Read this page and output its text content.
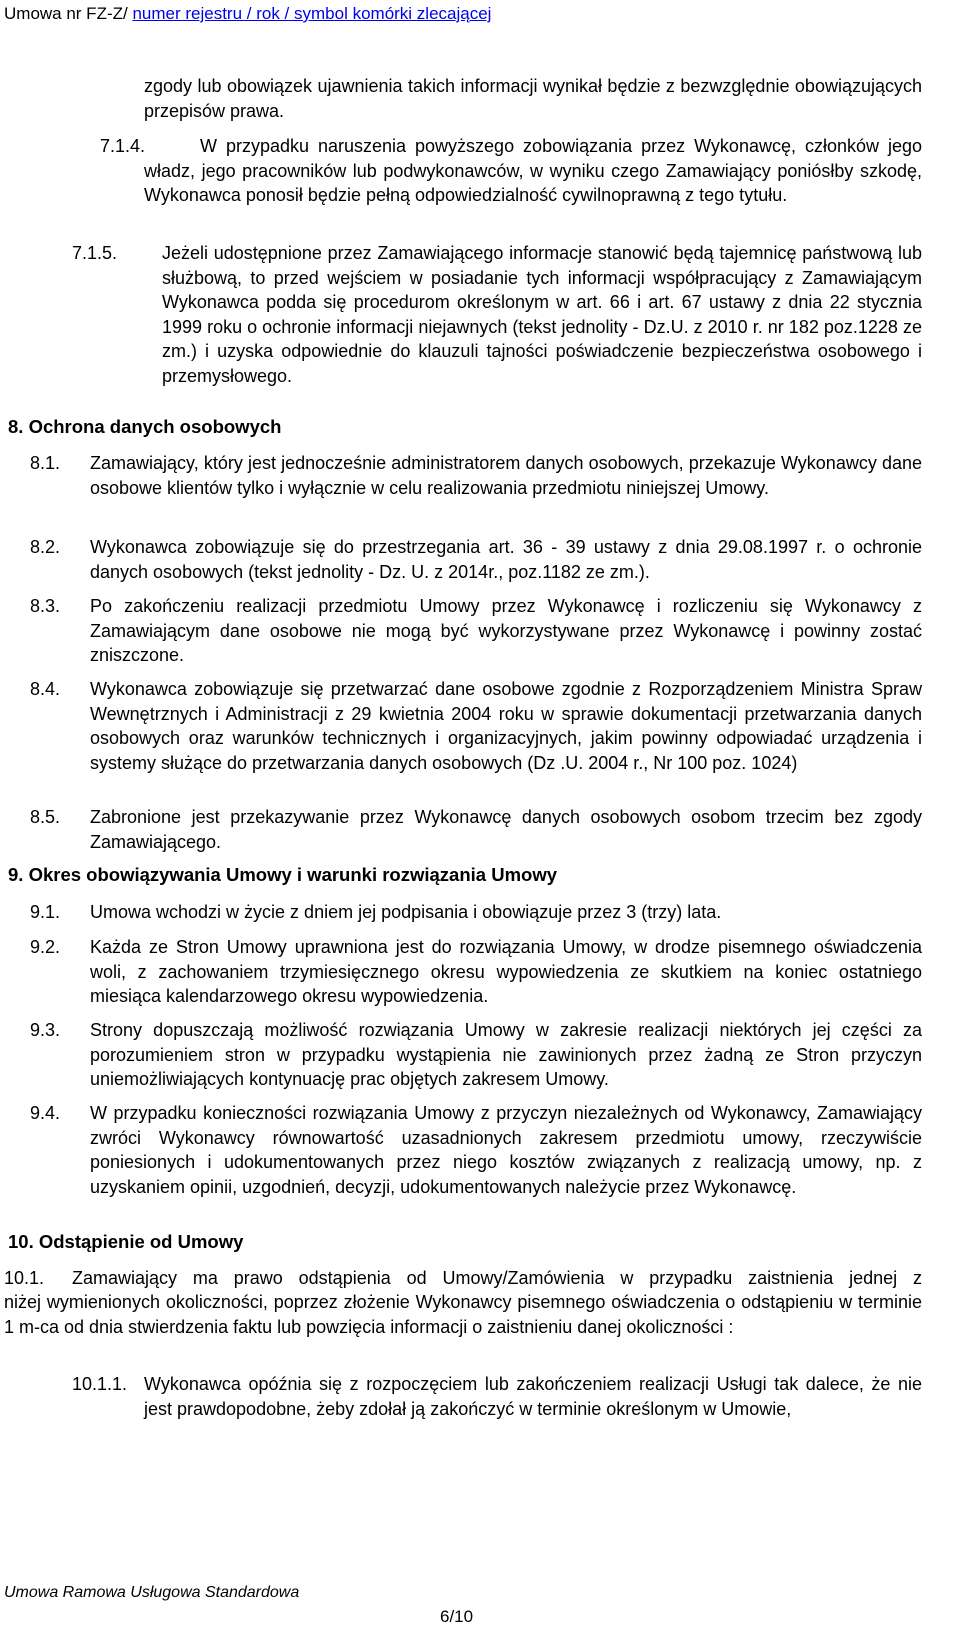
Umowa nr FZ-Z/ numer rejestru / rok / symbol komórki zlecającej
zgody lub obowiązek ujawnienia takich informacji wynikał będzie z bezwzględnie obowiązujących przepisów prawa.
7.1.4.	W przypadku naruszenia powyższego zobowiązania przez Wykonawcę, członków jego władz, jego pracowników lub podwykonawców, w wyniku czego Zamawiający poniósłby szkodę, Wykonawca ponosił będzie pełną odpowiedzialność cywilnoprawną z tego tytułu.
7.1.5. Jeżeli udostępnione przez Zamawiającego informacje stanowić będą tajemnicę państwową lub służbową, to przed wejściem w posiadanie tych informacji współpracujący z Zamawiającym Wykonawca podda się procedurom określonym w art. 66 i art. 67 ustawy z dnia 22 stycznia 1999 roku o ochronie informacji niejawnych (tekst jednolity - Dz.U. z 2010 r. nr 182 poz.1228 ze zm.) i uzyska odpowiednie do klauzuli tajności poświadczenie bezpieczeństwa osobowego i przemysłowego.
8. Ochrona danych osobowych
8.1. Zamawiający, który jest jednocześnie administratorem danych osobowych, przekazuje Wykonawcy dane osobowe klientów tylko i wyłącznie w celu realizowania przedmiotu niniejszej Umowy.
8.2. Wykonawca zobowiązuje się do przestrzegania art. 36 - 39 ustawy z dnia 29.08.1997 r. o ochronie danych osobowych (tekst jednolity - Dz. U. z 2014r., poz.1182 ze zm.).
8.3. Po zakończeniu realizacji przedmiotu Umowy przez Wykonawcę i rozliczeniu się Wykonawcy z Zamawiającym dane osobowe nie mogą być wykorzystywane przez Wykonawcę i powinny zostać zniszczone.
8.4. Wykonawca zobowiązuje się przetwarzać dane osobowe zgodnie z Rozporządzeniem Ministra Spraw Wewnętrznych i Administracji z 29 kwietnia 2004 roku w sprawie dokumentacji przetwarzania danych osobowych oraz warunków technicznych i organizacyjnych, jakim powinny odpowiadać urządzenia i systemy służące do przetwarzania danych osobowych (Dz .U. 2004 r., Nr 100 poz. 1024)
8.5. Zabronione jest przekazywanie przez Wykonawcę danych osobowych osobom trzecim bez zgody Zamawiającego.
9. Okres obowiązywania Umowy i warunki rozwiązania Umowy
9.1. Umowa wchodzi w życie z dniem jej podpisania i obowiązuje przez 3 (trzy) lata.
9.2. Każda ze Stron Umowy uprawniona jest do rozwiązania Umowy, w drodze pisemnego oświadczenia woli, z zachowaniem trzymiesięcznego okresu wypowiedzenia ze skutkiem na koniec ostatniego miesiąca kalendarzowego okresu wypowiedzenia.
9.3. Strony dopuszczają możliwość rozwiązania Umowy w zakresie realizacji niektórych jej części za porozumieniem stron w przypadku wystąpienia nie zawinionych przez żadną ze Stron przyczyn uniemożliwiających kontynuację prac objętych zakresem Umowy.
9.4. W przypadku konieczności rozwiązania Umowy z przyczyn niezależnych od Wykonawcy, Zamawiający zwróci Wykonawcy równowartość uzasadnionych zakresem przedmiotu umowy, rzeczywiście poniesionych i udokumentowanych przez niego kosztów związanych z realizacją umowy, np. z uzyskaniem opinii, uzgodnień, decyzji, udokumentowanych należycie przez Wykonawcę.
10. Odstąpienie od Umowy
10.1. Zamawiający ma prawo odstąpienia od Umowy/Zamówienia w przypadku zaistnienia jednej z
niżej wymienionych okoliczności, poprzez złożenie Wykonawcy pisemnego oświadczenia o odstąpieniu w terminie 1 m-ca od dnia stwierdzenia faktu lub powzięcia informacji o zaistnieniu danej okoliczności :
10.1.1. Wykonawca opóźnia się z rozpoczęciem lub zakończeniem realizacji Usługi tak dalece, że nie jest prawdopodobne, żeby zdołał ją zakończyć w terminie określonym w Umowie,
Umowa Ramowa Usługowa Standardowa
6/10
